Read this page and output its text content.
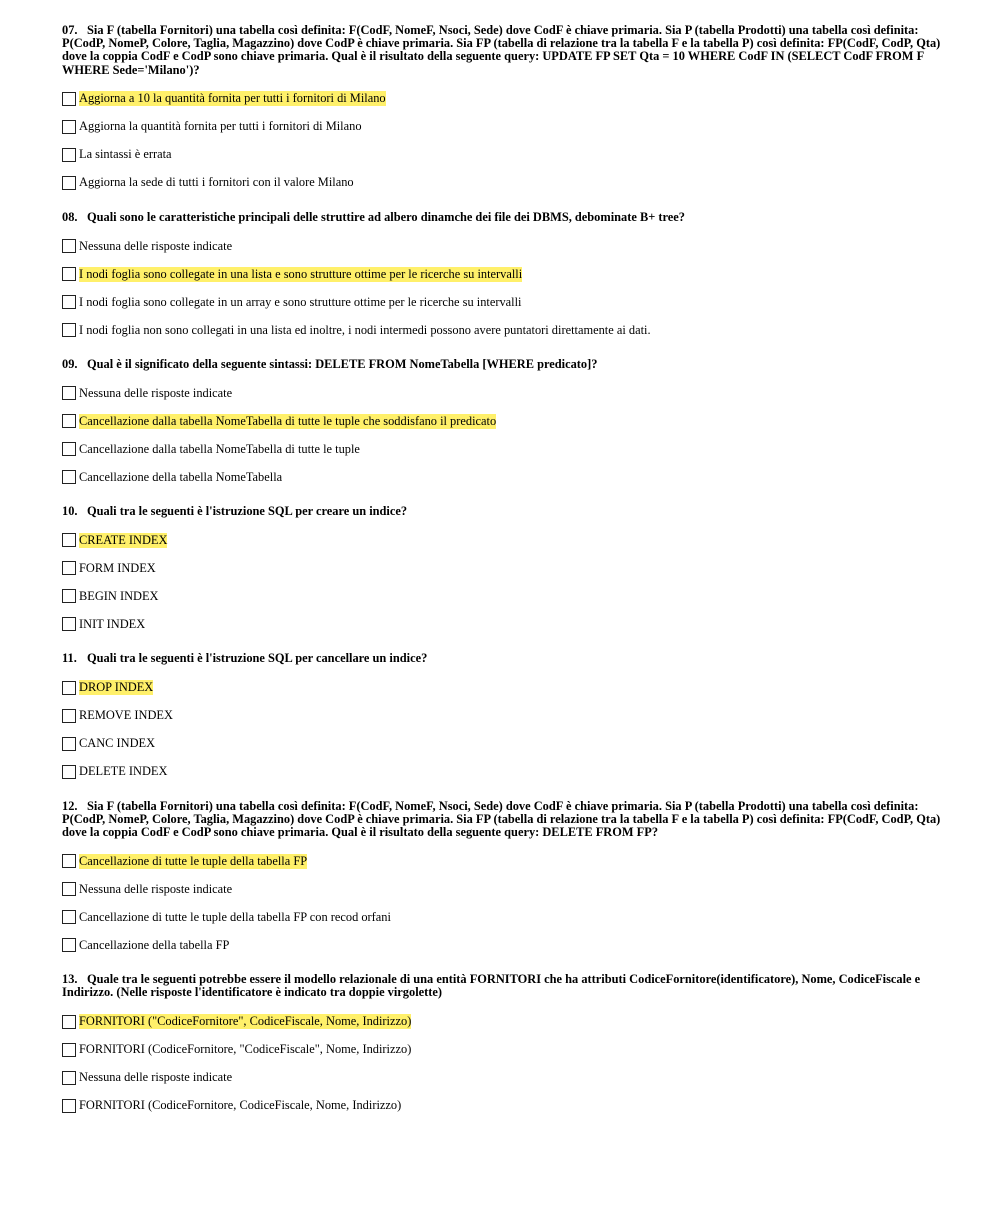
07. Sia F (tabella Fornitori) una tabella così definita: F(CodF, NomeF, Nsoci, Sede) dove CodF è chiave primaria. Sia P (tabella Prodotti) una tabella così definita: P(CodP, NomeP, Colore, Taglia, Magazzino) dove CodP è chiave primaria. Sia FP (tabella di relazione tra la tabella F e la tabella P) così definita: FP(CodF, CodP, Qta) dove la coppia CodF e CodP sono chiave primaria. Qual è il risultato della seguente query: UPDATE FP SET Qta = 10 WHERE CodF IN (SELECT CodF FROM F WHERE Sede='Milano')?

Aggiorna a 10 la quantità fornita per tutti i fornitori di Milano
Aggiorna la quantità fornita per tutti i fornitori di Milano
La sintassi è errata
Aggiorna la sede di tutti i fornitori con il valore Milano

08. Quali sono le caratteristiche principali delle struttire ad albero dinamche dei file dei DBMS, debominate B+ tree?

Nessuna delle risposte indicate
I nodi foglia sono collegate in una lista e sono strutture ottime per le ricerche su intervalli
I nodi foglia sono collegate in un array e sono strutture ottime per le ricerche su intervalli
I nodi foglia non sono collegati in una lista ed inoltre, i nodi intermedi possono avere puntatori direttamente ai dati.

09. Qual è il significato della seguente sintassi: DELETE FROM NomeTabella [WHERE predicato]?

Nessuna delle risposte indicate
Cancellazione dalla tabella NomeTabella di tutte le tuple che soddisfano il predicato
Cancellazione dalla tabella NomeTabella di tutte le tuple
Cancellazione della tabella NomeTabella

10. Quali tra le seguenti è l'istruzione SQL per creare un indice?

CREATE INDEX
FORM INDEX
BEGIN INDEX
INIT INDEX

11. Quali tra le seguenti è l'istruzione SQL per cancellare un indice?

DROP INDEX
REMOVE INDEX
CANC INDEX
DELETE INDEX

12. Sia F (tabella Fornitori) una tabella così definita: F(CodF, NomeF, Nsoci, Sede) dove CodF è chiave primaria. Sia P (tabella Prodotti) una tabella così definita: P(CodP, NomeP, Colore, Taglia, Magazzino) dove CodP è chiave primaria. Sia FP (tabella di relazione tra la tabella F e la tabella P) così definita: FP(CodF, CodP, Qta) dove la coppia CodF e CodP sono chiave primaria. Qual è il risultato della seguente query: DELETE FROM FP?

Cancellazione di tutte le tuple della tabella FP
Nessuna delle risposte indicate
Cancellazione di tutte le tuple della tabella FP con recod orfani
Cancellazione della tabella FP

13. Quale tra le seguenti potrebbe essere il modello relazionale di una entità FORNITORI che ha attributi CodiceFornitore(identificatore), Nome, CodiceFiscale e Indirizzo. (Nelle risposte l'identificatore è indicato tra doppie virgolette)

FORNITORI ("CodiceFornitore", CodiceFiscale, Nome, Indirizzo)
FORNITORI (CodiceFornitore, "CodiceFiscale", Nome, Indirizzo)
Nessuna delle risposte indicate
FORNITORI (CodiceFornitore, CodiceFiscale, Nome, Indirizzo)
